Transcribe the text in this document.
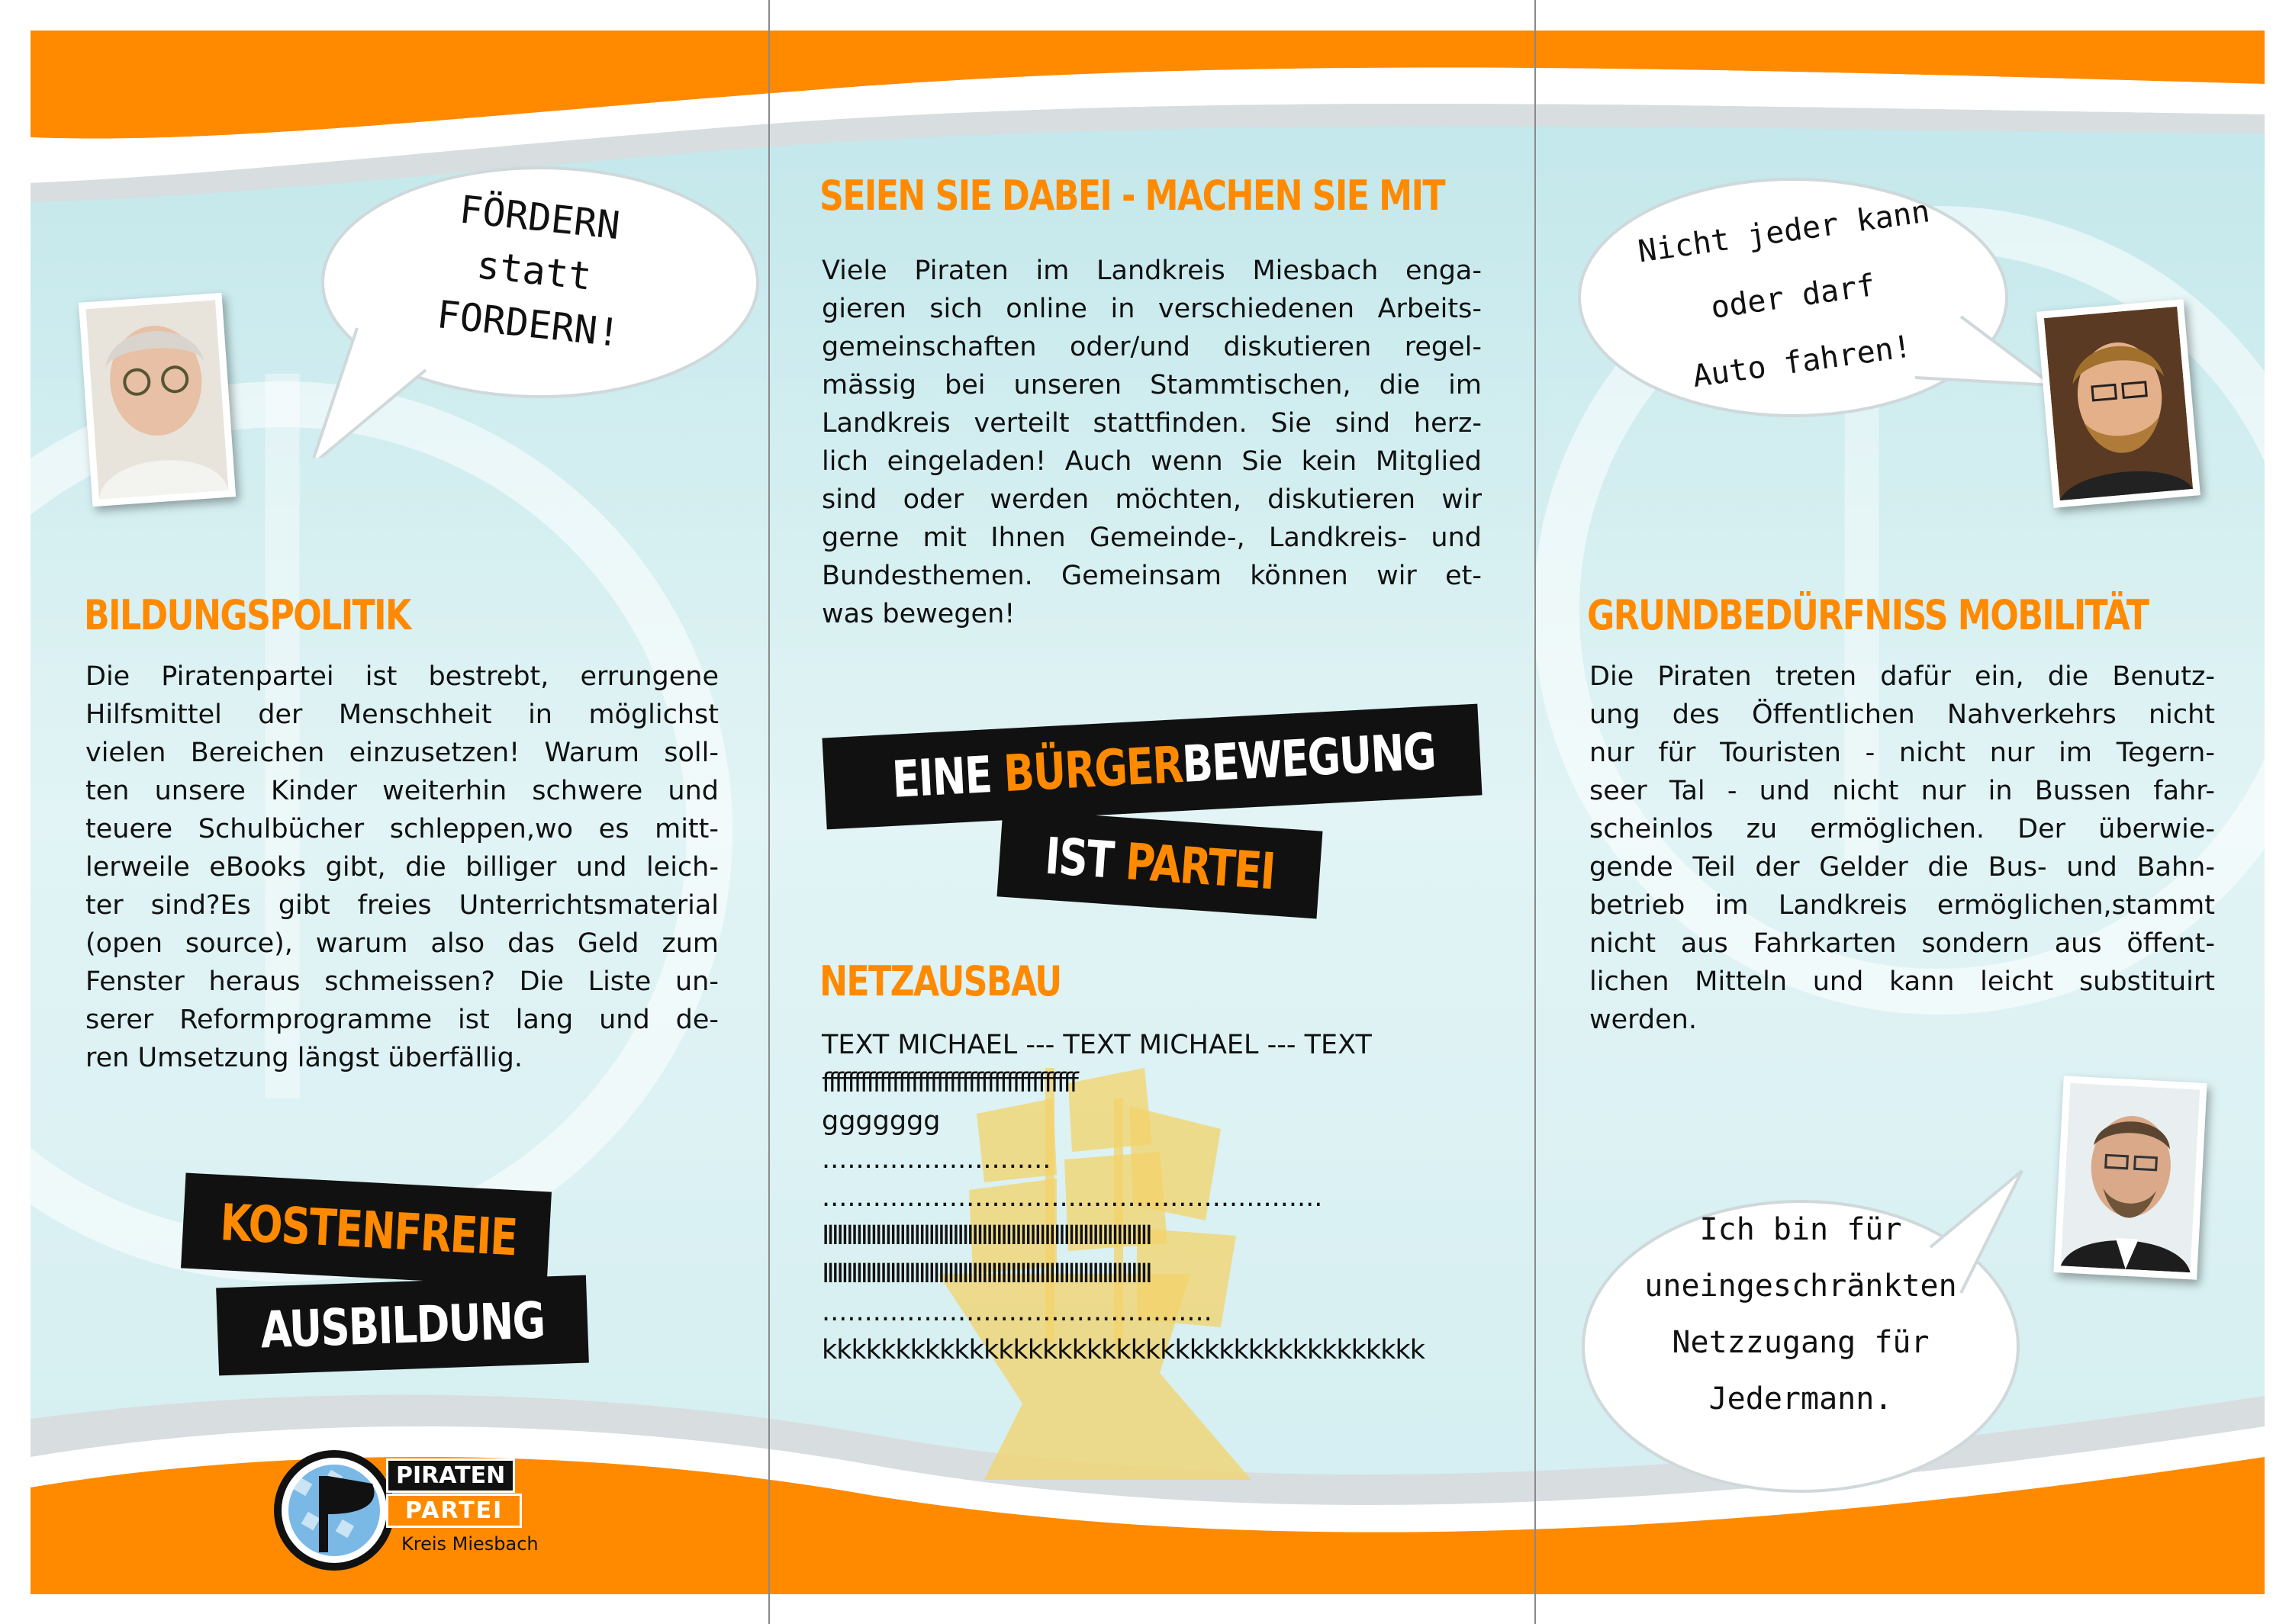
FÖRDERN
statt
FORDERN!
BILDUNGSPOLITIK
Die Piratenpartei ist bestrebt, errungene
Hilfsmittel der Menschheit in möglichst
vielen Bereichen einzusetzen! Warum soll-
ten unsere Kinder weiterhin schwere und
teuere Schulbücher schleppen,wo es mitt-
lerweile eBooks gibt, die billiger und leich-
ter sind?Es gibt freies Unterrichtsmaterial
(open source), warum also das Geld zum
Fenster heraus schmeissen? Die Liste un-
serer Reformprogramme ist lang und de-
ren Umsetzung längst überfällig.
KOSTENFREIE
AUSBILDUNG
PIRATEN
PARTEI
Kreis Miesbach
SEIEN SIE DABEI - MACHEN SIE MIT
Viele Piraten im Landkreis Miesbach enga-
gieren sich online in verschiedenen Arbeits-
gemeinschaften oder/und diskutieren regel-
mässig bei unseren Stammtischen, die im
Landkreis verteilt stattfinden. Sie sind herz-
lich eingeladen! Auch wenn Sie kein Mitglied
sind oder werden möchten, diskutieren wir
gerne mit Ihnen Gemeinde-, Landkreis- und
Bundesthemen. Gemeinsam können wir et-
was bewegen!
EINE BÜRGERBEWEGUNG
IST PARTEI
NETZAUSBAU
TEXT MICHAEL --- TEXT MICHAEL --- TEXT
ffffffffffffffffffffffffffffffffffffffff
ggggggg
...........................
...........................................................
IIIIIIIIIIIIIIIIIIIIIIIIIIIIIIIIIIIIIIIIIIIIIIIIIIIIIIIIIIIIIIIIIIII
IIIIIIIIIIIIIIIIIIIIIIIIIIIIIIIIIIIIIIIIIIIIIIIIIIIIIIIIIIIIIIIIIIII
..............................................
kkkkkkkkkkkkkkkkkkkkkkkkkkkkkkkkkkkkkkkkk
Nicht jeder kann
oder darf
Auto fahren!
GRUNDBEDÜRFNISS MOBILITÄT
Die Piraten treten dafür ein, die Benutz-
ung des Öffentlichen Nahverkehrs nicht
nur für Touristen - nicht nur im Tegern-
seer Tal - und nicht nur in Bussen fahr-
scheinlos zu ermöglichen. Der überwie-
gende Teil der Gelder die Bus- und Bahn-
betrieb im Landkreis ermöglichen,stammt
nicht aus Fahrkarten sondern aus öffent-
lichen Mitteln und kann leicht substituirt
werden.
Ich bin für
uneingeschränkten
Netzzugang für
Jedermann.
